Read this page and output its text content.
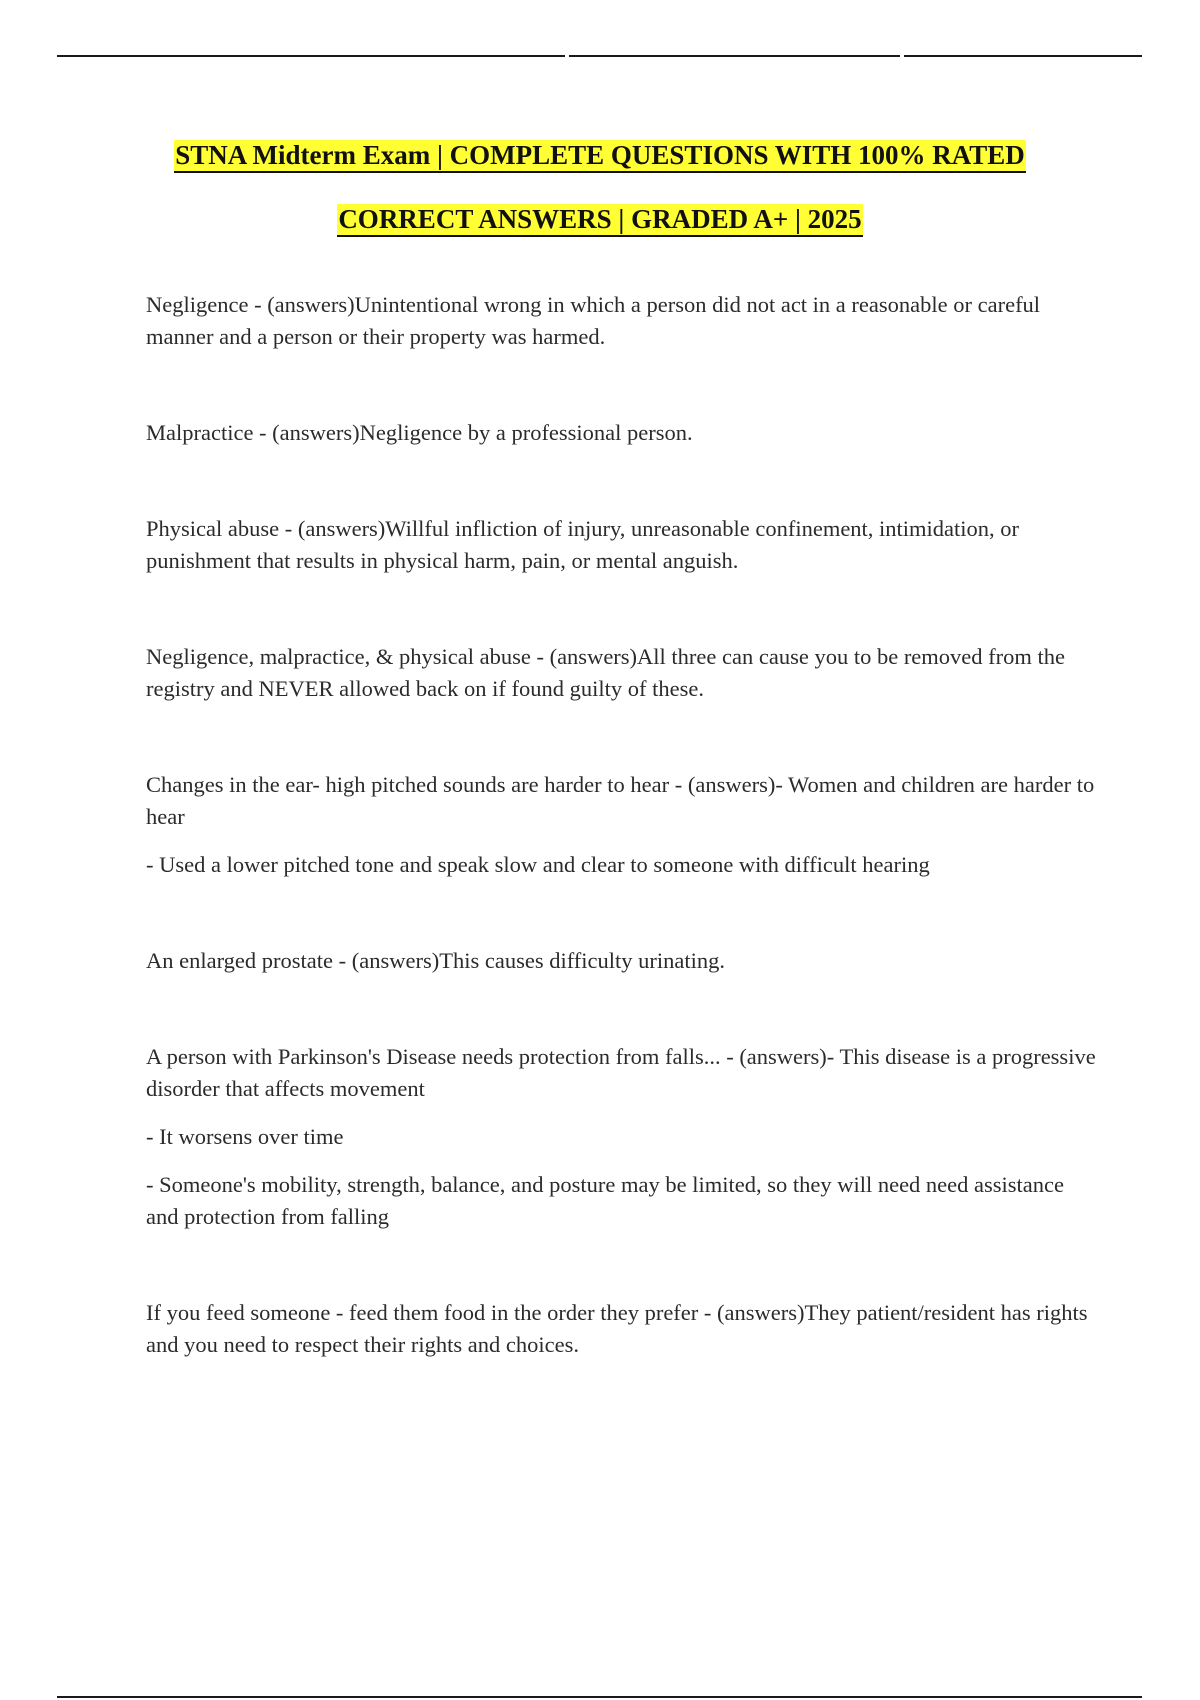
STNA Midterm Exam | COMPLETE QUESTIONS WITH 100% RATED
CORRECT ANSWERS | GRADED A+ | 2025

Negligence - (answers)Unintentional wrong in which a person did not act in a reasonable or careful manner and a person or their property was harmed.

Malpractice - (answers)Negligence by a professional person.

Physical abuse - (answers)Willful infliction of injury, unreasonable confinement, intimidation, or punishment that results in physical harm, pain, or mental anguish.

Negligence, malpractice, & physical abuse - (answers)All three can cause you to be removed from the registry and NEVER allowed back on if found guilty of these.

Changes in the ear- high pitched sounds are harder to hear - (answers)- Women and children are harder to hear

- Used a lower pitched tone and speak slow and clear to someone with difficult hearing

An enlarged prostate - (answers)This causes difficulty urinating.

A person with Parkinson's Disease needs protection from falls... - (answers)- This disease is a progressive disorder that affects movement

- It worsens over time

- Someone's mobility, strength, balance, and posture may be limited, so they will need need assistance and protection from falling

If you feed someone - feed them food in the order they prefer - (answers)They patient/resident has rights and you need to respect their rights and choices.
